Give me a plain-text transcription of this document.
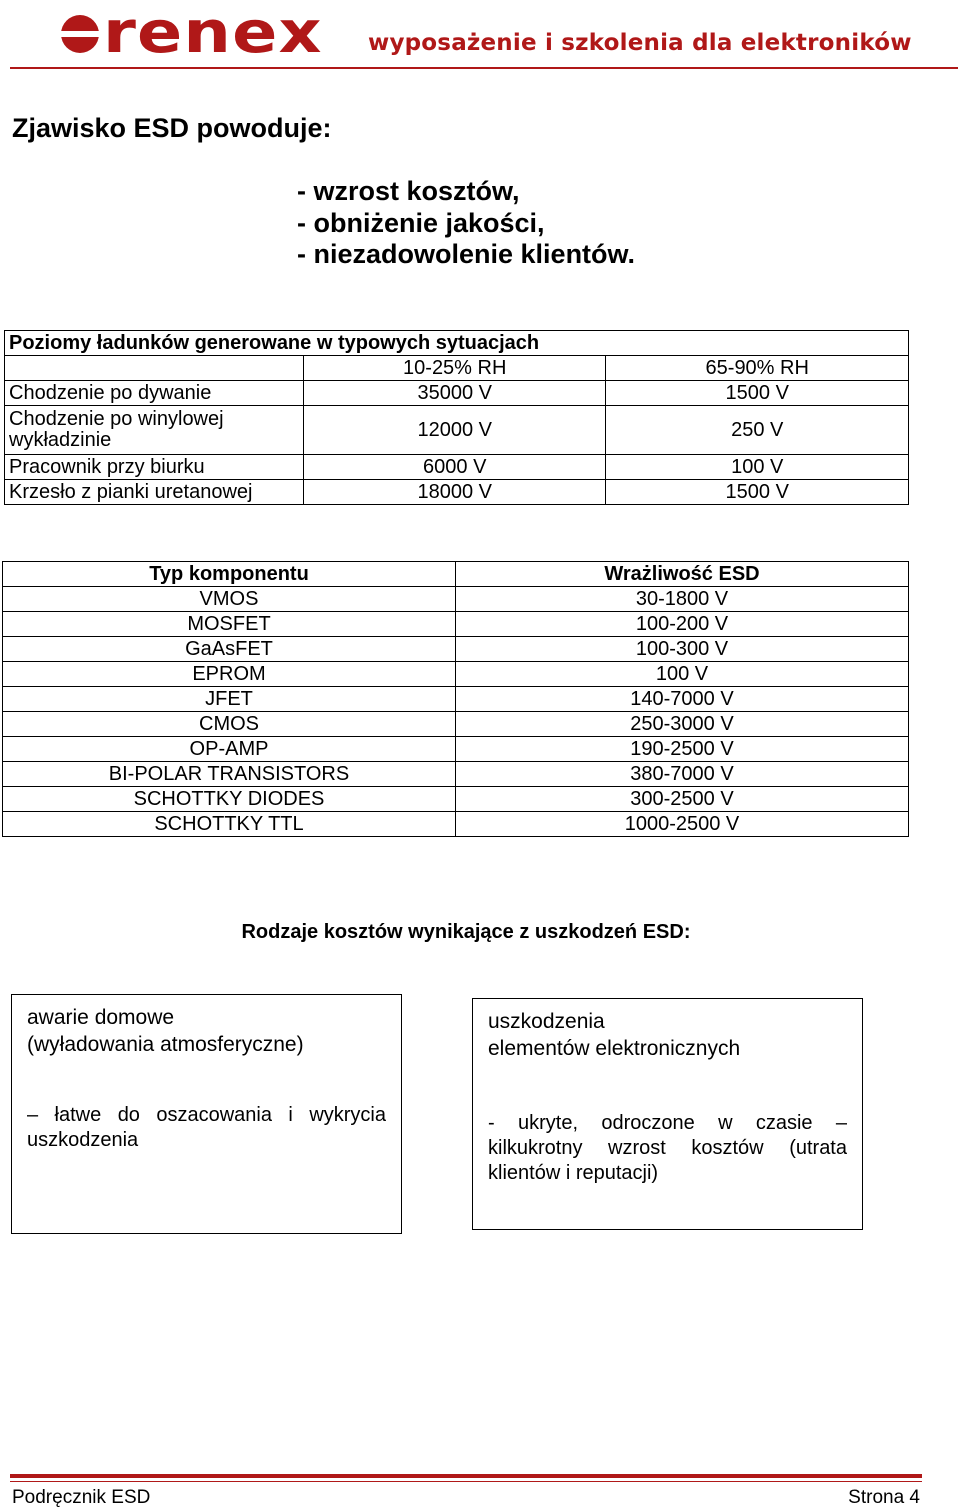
renex wyposażenie i szkolenia dla elektroników
Zjawisko ESD powoduje:
- wzrost kosztów,
- obniżenie jakości,
- niezadowolenie klientów.
Poziomy ładunków generowane w typowych sytuacjach		
	10-25% RH	65-90% RH
Chodzenie po dywanie	35000 V	1500 V
Chodzenie po winylowej wykładzinie	12000 V	250 V
Pracownik przy biurku	6000 V	100 V
Krzesło z pianki uretanowej	18000 V	1500 V
Typ komponentu	Wrażliwość ESD
VMOS	30-1800 V
MOSFET	100-200 V
GaAsFET	100-300 V
EPROM	100 V
JFET	140-7000 V
CMOS	250-3000 V
OP-AMP	190-2500 V
BI-POLAR TRANSISTORS	380-7000 V
SCHOTTKY DIODES	300-2500 V
SCHOTTKY TTL	1000-2500 V
Rodzaje kosztów wynikające z uszkodzeń ESD:
awarie domowe
(wyładowania atmosferyczne)
– łatwe do oszacowania i wykrycia uszkodzenia
uszkodzenia
elementów elektronicznych
- ukryte, odroczone w czasie – kilkukrotny wzrost kosztów (utrata klientów i reputacji)
Podręcznik ESD	Strona 4
